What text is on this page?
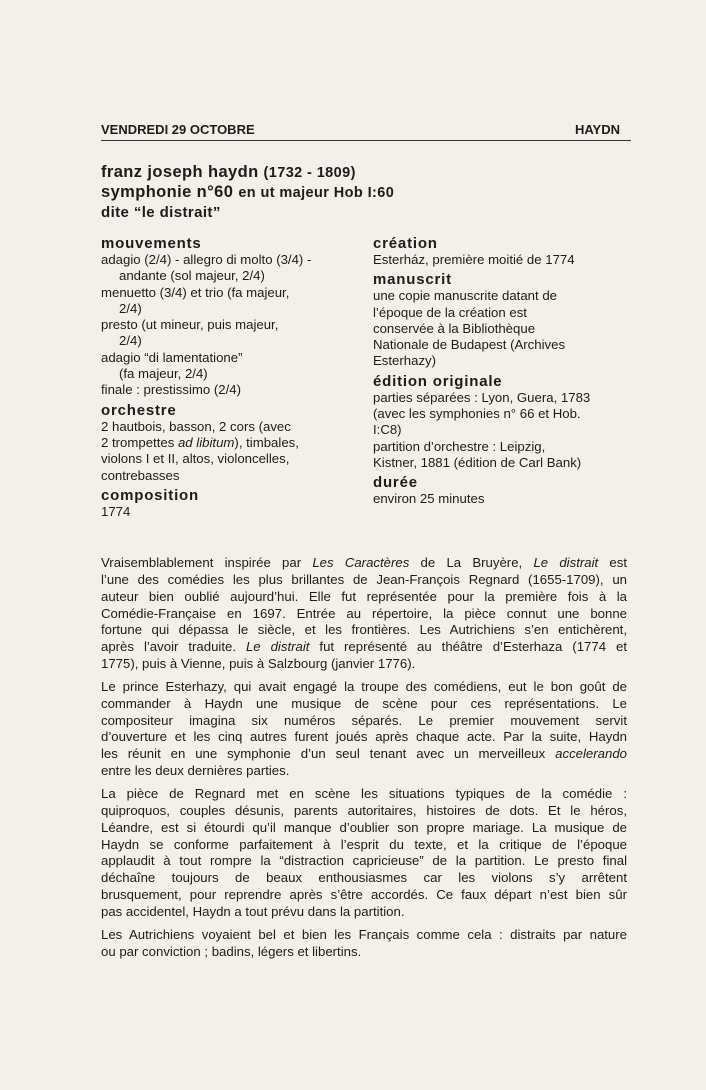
VENDREDI 29 OCTOBRE	HAYDN
franz joseph haydn (1732 - 1809)
symphonie n°60 en ut majeur Hob I:60
dite “le distrait”
mouvements
adagio (2/4) - allegro di molto (3/4) -
andante (sol majeur, 2/4)
menuetto (3/4) et trio (fa majeur,
2/4)
presto (ut mineur, puis majeur,
2/4)
adagio “di lamentatione”
(fa majeur, 2/4)
finale : prestissimo (2/4)
orchestre
2 hautbois, basson, 2 cors (avec
2 trompettes ad libitum), timbales,
violons I et II, altos, violoncelles,
contrebasses
composition
1774
création
Esterház, première moitié de 1774
manuscrit
une copie manuscrite datant de
l’époque de la création est
conservée à la Bibliothèque
Nationale de Budapest (Archives
Esterhazy)
édition originale
parties séparées : Lyon, Guera, 1783
(avec les symphonies n° 66 et Hob.
I:C8)
partition d’orchestre : Leipzig,
Kistner, 1881 (édition de Carl Bank)
durée
environ 25 minutes
Vraisemblablement inspirée par Les Caractères de La Bruyère, Le distrait est
l’une des comédies les plus brillantes de Jean-François Regnard (1655-1709), un
auteur bien oublié aujourd’hui. Elle fut représentée pour la première fois à la
Comédie-Française en 1697. Entrée au répertoire, la pièce connut une bonne
fortune qui dépassa le siècle, et les frontières. Les Autrichiens s’en entichèrent,
après l’avoir traduite. Le distrait fut représenté au théâtre d’Esterhaza (1774 et
1775), puis à Vienne, puis à Salzbourg (janvier 1776).
Le prince Esterhazy, qui avait engagé la troupe des comédiens, eut le bon goût de
commander à Haydn une musique de scène pour ces représentations. Le
compositeur imagina six numéros séparés. Le premier mouvement servit
d’ouverture et les cinq autres furent joués après chaque acte. Par la suite, Haydn
les réunit en une symphonie d’un seul tenant avec un merveilleux accelerando
entre les deux dernières parties.
La pièce de Regnard met en scène les situations typiques de la comédie :
quiproquos, couples désunis, parents autoritaires, histoires de dots. Et le héros,
Léandre, est si étourdi qu’il manque d’oublier son propre mariage. La musique de
Haydn se conforme parfaitement à l’esprit du texte, et la critique de l’époque
applaudit à tout rompre la “distraction capricieuse” de la partition. Le presto final
déchaîne toujours de beaux enthousiasmes car les violons s’y arrêtent
brusquement, pour reprendre après s’être accordés. Ce faux départ n’est bien sûr
pas accidentel, Haydn a tout prévu dans la partition.
Les Autrichiens voyaient bel et bien les Français comme cela : distraits par nature
ou par conviction ; badins, légers et libertins.
